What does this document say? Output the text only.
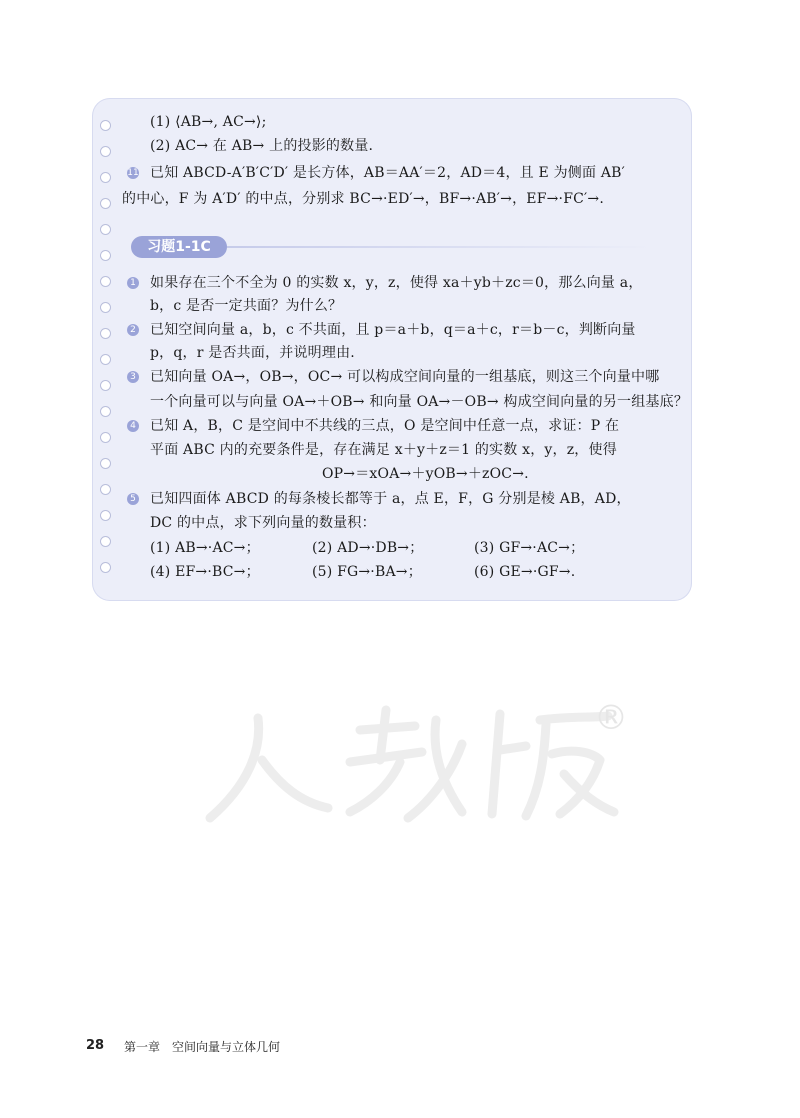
(1) ⟨AB→, AC→⟩;
(2) AC→ 在 AB→ 上的投影的数量.
11 已知 ABCD-A′B′C′D′ 是长方体，AB＝AA′＝2，AD＝4，且 E 为侧面 AB′
的中心，F 为 A′D′ 的中点，分别求 BC→·ED′→，BF→·AB′→，EF→·FC′→.
习题1-1C
1 如果存在三个不全为 0 的实数 x，y，z，使得 xa＋yb＋zc＝0，那么向量 a，
b，c 是否一定共面？为什么？
2 已知空间向量 a，b，c 不共面，且 p＝a＋b，q＝a＋c，r＝b－c，判断向量
p，q，r 是否共面，并说明理由.
3 已知向量 OA→，OB→，OC→ 可以构成空间向量的一组基底，则这三个向量中哪
一个向量可以与向量 OA→＋OB→ 和向量 OA→－OB→ 构成空间向量的另一组基底？
4 已知 A，B，C 是空间中不共线的三点，O 是空间中任意一点，求证：P 在
平面 ABC 内的充要条件是，存在满足 x＋y＋z＝1 的实数 x，y，z，使得
OP→＝xOA→＋yOB→＋zOC→.
5 已知四面体 ABCD 的每条棱长都等于 a，点 E，F，G 分别是棱 AB，AD，
DC 的中点，求下列向量的数量积：
(1) AB→·AC→；	(2) AD→·DB→；	(3) GF→·AC→；
(4) EF→·BC→；	(5) FG→·BA→；	(6) GE→·GF→.
®
28 第一章　空间向量与立体几何
